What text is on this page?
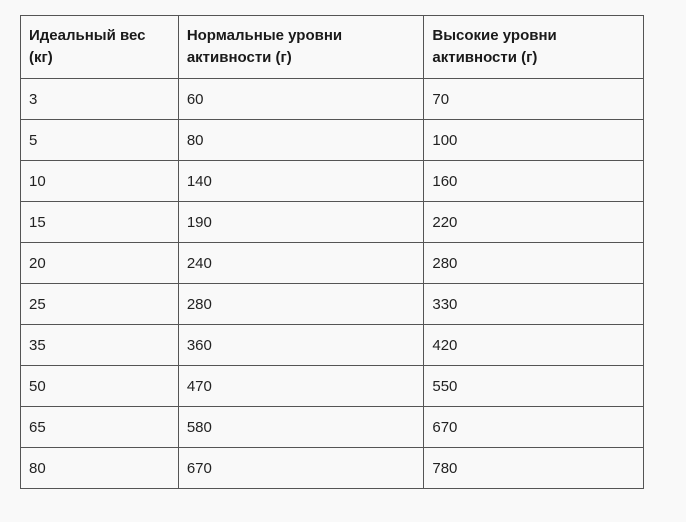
Идеальный вес (кг)	Нормальные уровни активности (г)	Высокие уровни активности (г)
3	60	70
5	80	100
10	140	160
15	190	220
20	240	280
25	280	330
35	360	420
50	470	550
65	580	670
80	670	780
